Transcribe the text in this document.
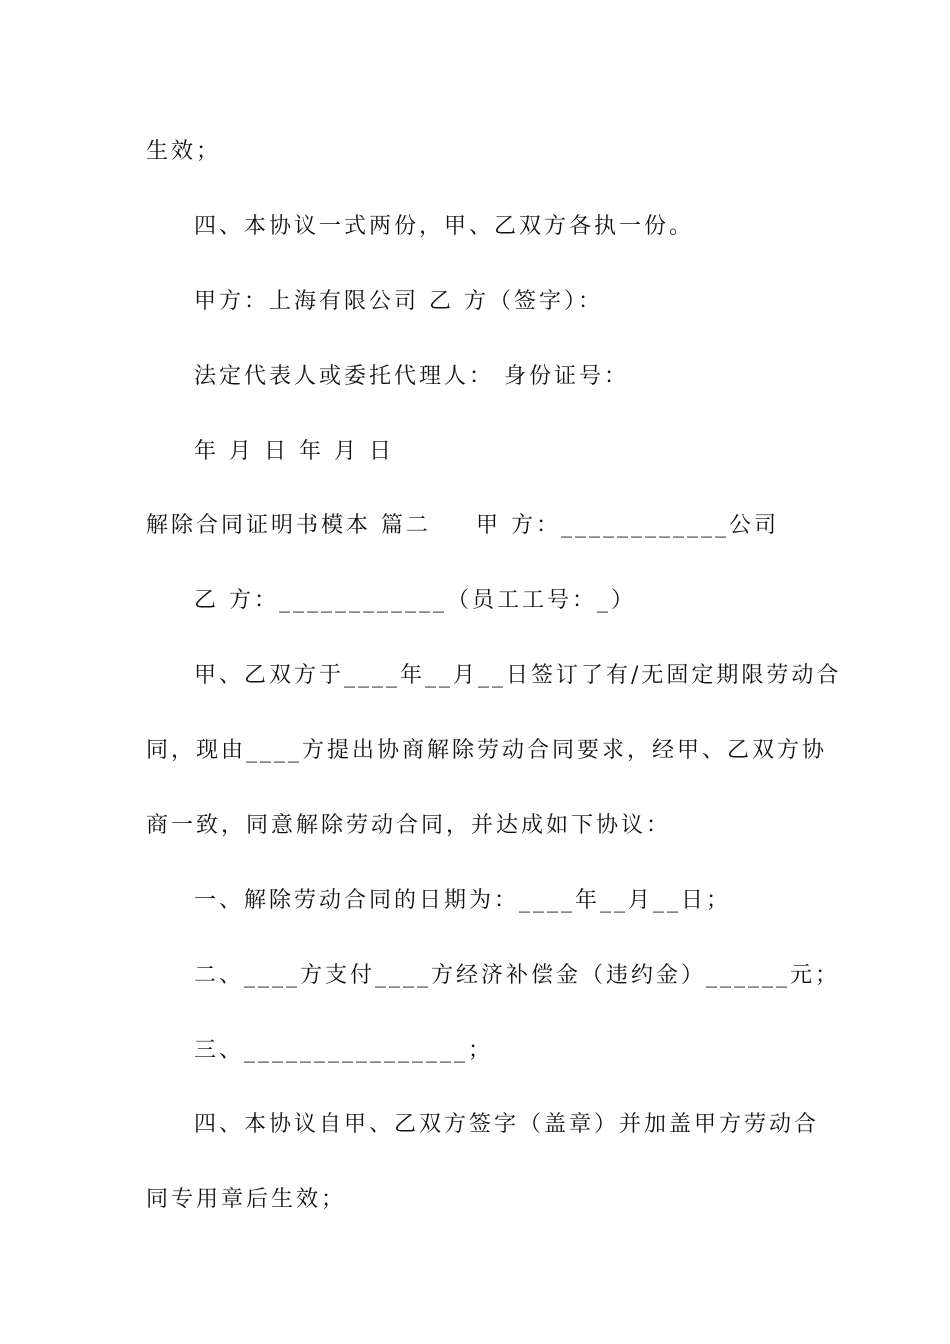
生效；
四、本协议一式两份，甲、乙双方各执一份。
甲方：上海有限公司 乙 方（签字）：
法定代表人或委托代理人： 身份证号：
年 月 日 年 月 日
解除合同证明书模本 篇二 　 甲 方：____________公司
乙 方：____________（员工工号：_）
甲、乙双方于____年__月__日签订了有/无固定期限劳动合
同，现由____方提出协商解除劳动合同要求，经甲、乙双方协
商一致，同意解除劳动合同，并达成如下协议：
一、解除劳动合同的日期为：____年__月__日；
二、____方支付____方经济补偿金（违约金）______元；
三、________________；
四、本协议自甲、乙双方签字（盖章）并加盖甲方劳动合
同专用章后生效；
